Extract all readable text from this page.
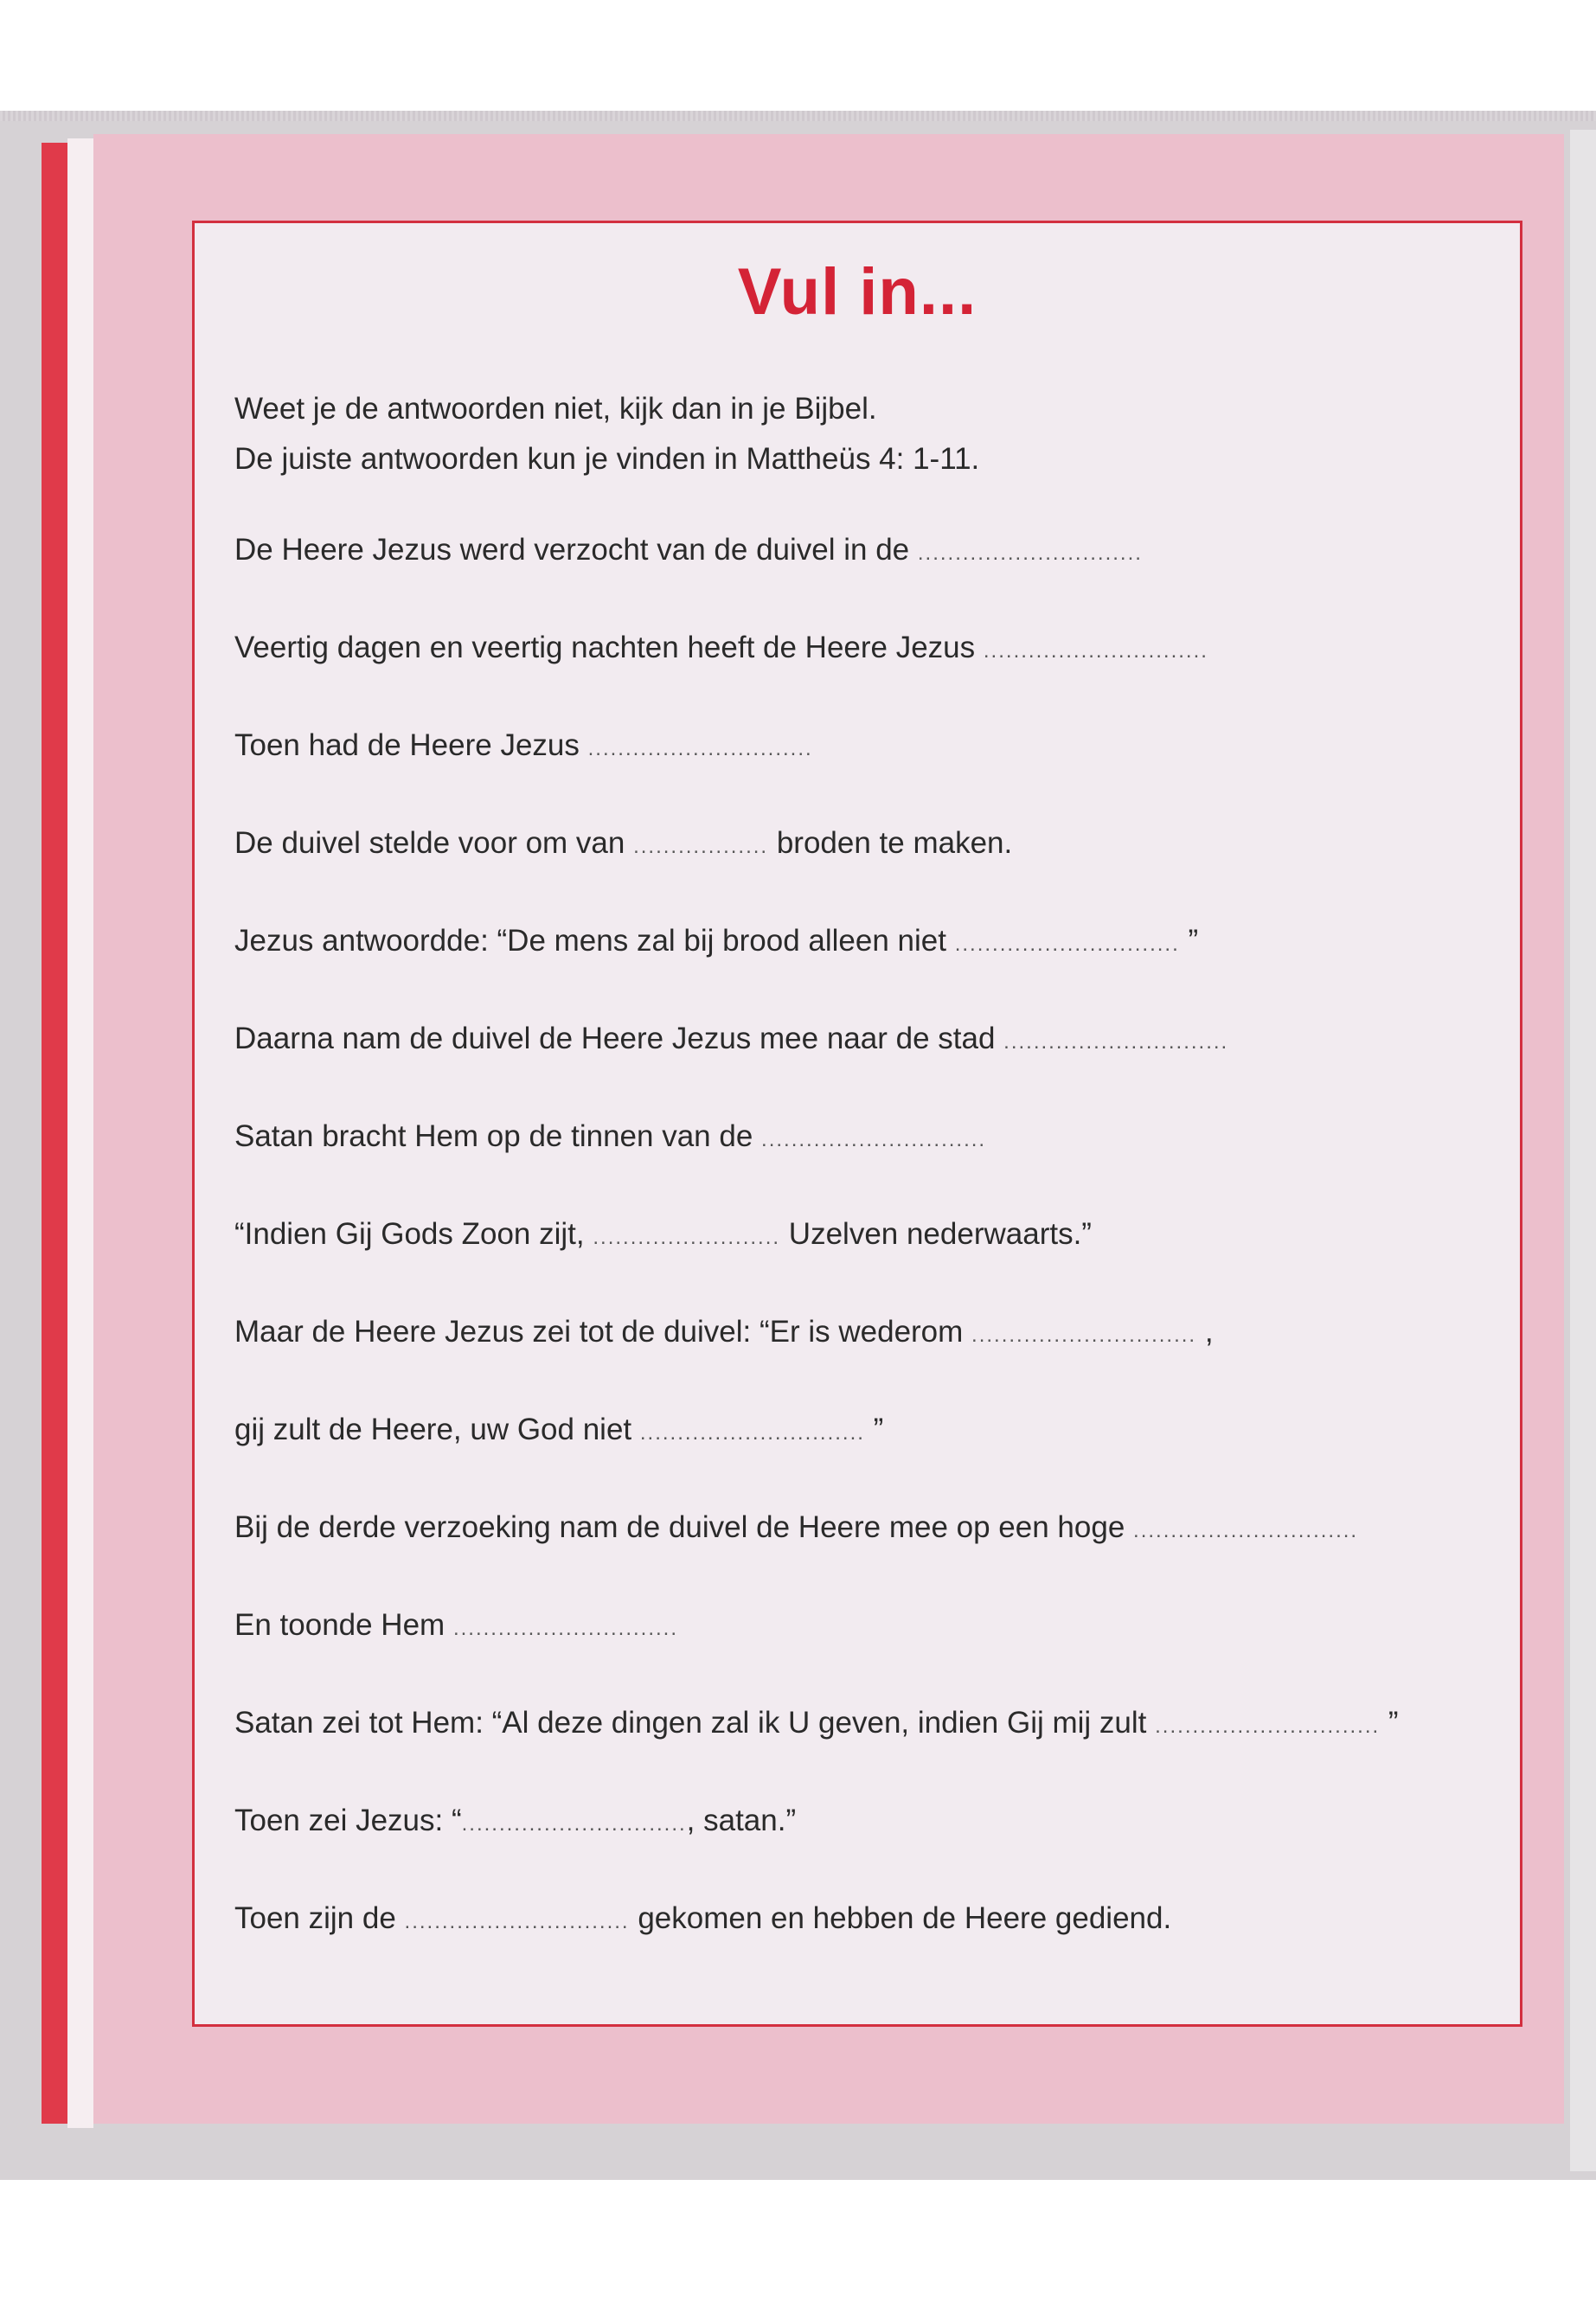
Vul in...
Weet je de antwoorden niet, kijk dan in je Bijbel.
De juiste antwoorden kun je vinden in Mattheüs 4: 1-11.
De Heere Jezus werd verzocht van de duivel in de ..............................
Veertig dagen en veertig nachten heeft de Heere Jezus ..............................
Toen had de Heere Jezus ..............................
De duivel stelde voor om van .................. broden te maken.
Jezus antwoordde: “De mens zal bij brood alleen niet .............................. ”
Daarna nam de duivel de Heere Jezus mee naar de stad ..............................
Satan bracht Hem op de tinnen van de ..............................
“Indien Gij Gods Zoon zijt, ......................... Uzelven nederwaarts.”
Maar de Heere Jezus zei tot de duivel: “Er is wederom .............................. ,
gij zult de Heere, uw God niet .............................. ”
Bij de derde verzoeking nam de duivel de Heere mee op een hoge ..............................
En toonde Hem ..............................
Satan zei tot Hem: “Al deze dingen zal ik U geven, indien Gij mij zult .............................. ”
Toen zei Jezus: “.............................., satan.”
Toen zijn de .............................. gekomen en hebben de Heere gediend.
